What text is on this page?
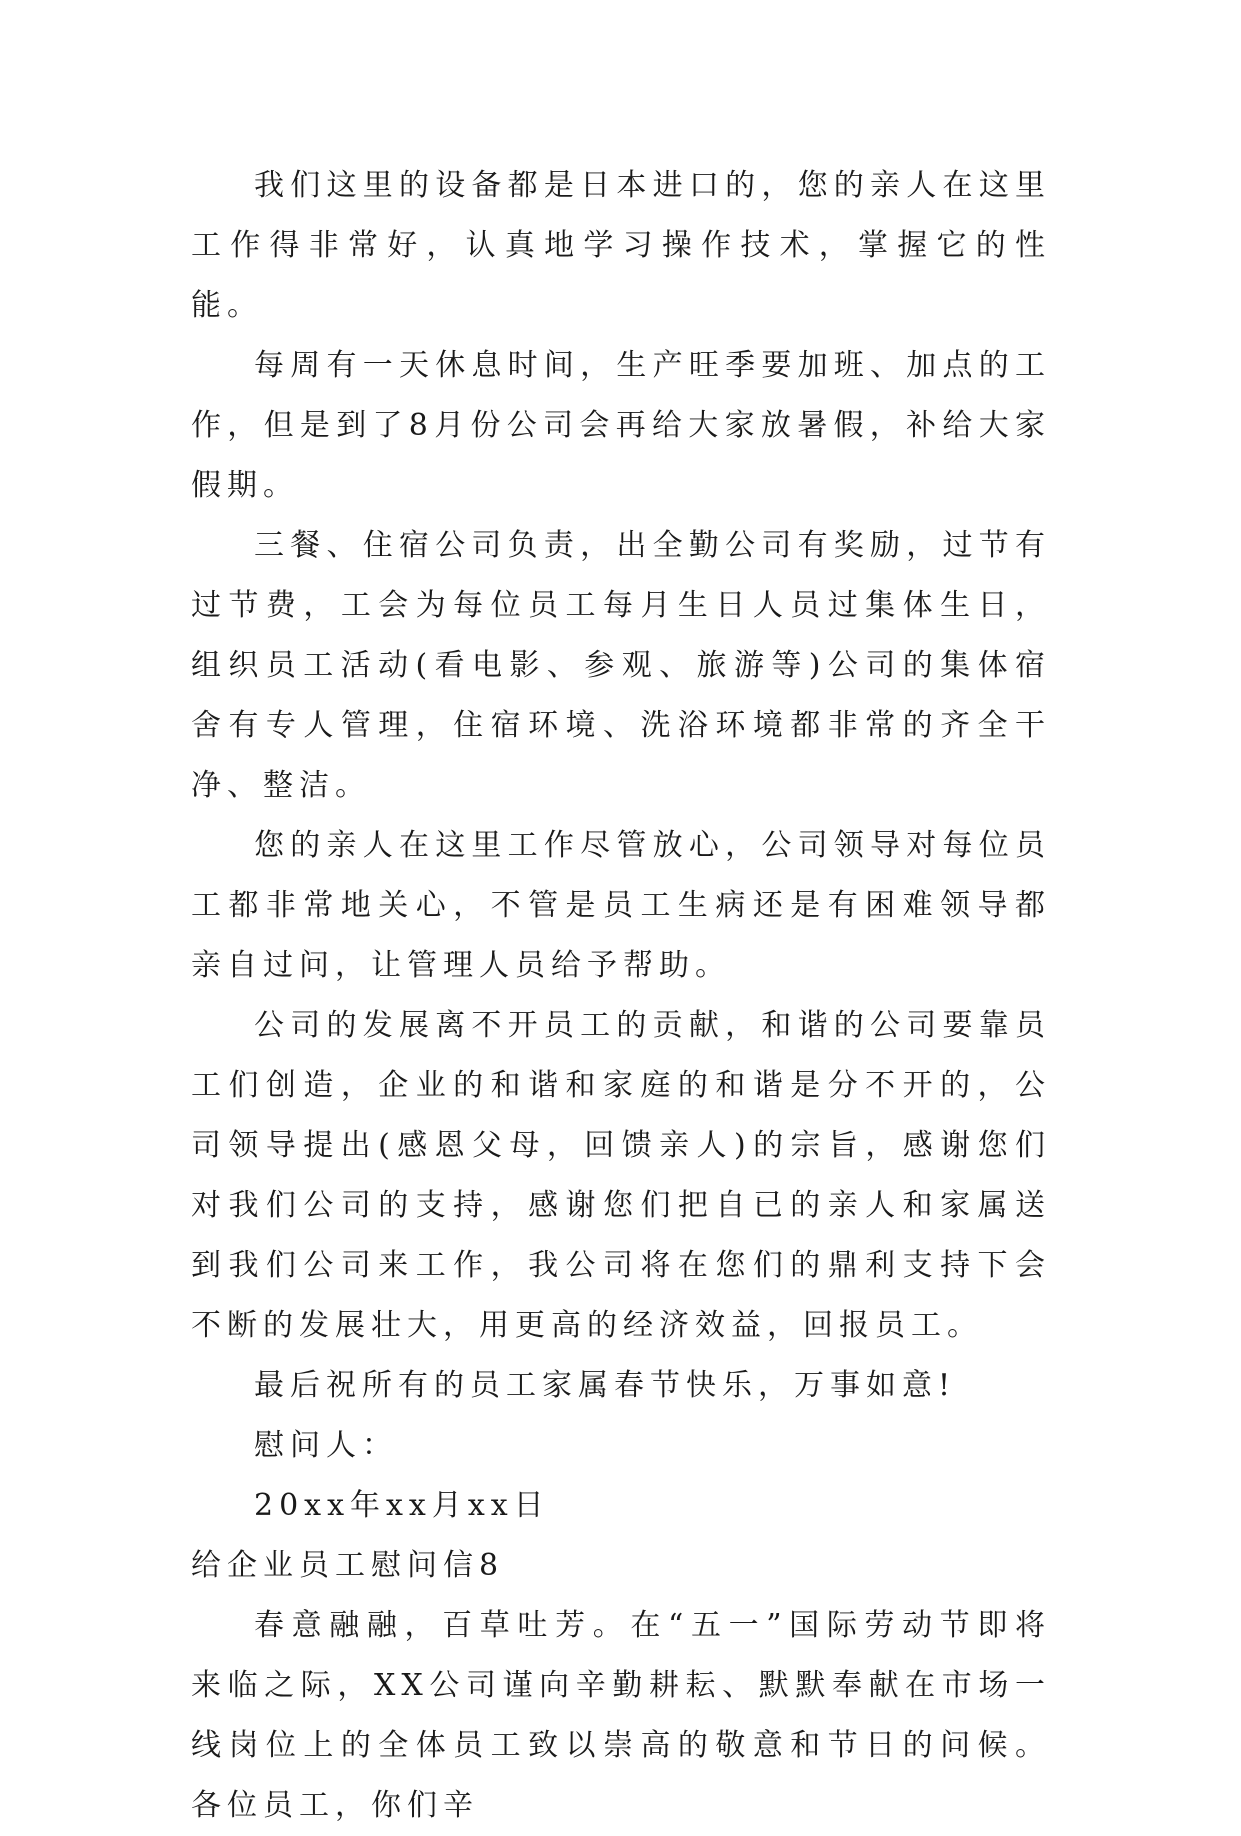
我们这里的设备都是日本进口的，您的亲人在这里工作得非常好，认真地学习操作技术，掌握它的性能。

每周有一天休息时间，生产旺季要加班、加点的工作，但是到了8月份公司会再给大家放暑假，补给大家假期。

三餐、住宿公司负责，出全勤公司有奖励，过节有过节费，工会为每位员工每月生日人员过集体生日，组织员工活动(看电影、参观、旅游等)公司的集体宿舍有专人管理，住宿环境、洗浴环境都非常的齐全干净、整洁。

您的亲人在这里工作尽管放心，公司领导对每位员工都非常地关心，不管是员工生病还是有困难领导都亲自过问，让管理人员给予帮助。

公司的发展离不开员工的贡献，和谐的公司要靠员工们创造，企业的和谐和家庭的和谐是分不开的，公司领导提出(感恩父母，回馈亲人)的宗旨，感谢您们对我们公司的支持，感谢您们把自已的亲人和家属送到我们公司来工作，我公司将在您们的鼎利支持下会不断的发展壮大，用更高的经济效益，回报员工。

最后祝所有的员工家属春节快乐，万事如意!

慰问人：

20xx年xx月xx日

给企业员工慰问信8

春意融融，百草吐芳。在“五一”国际劳动节即将来临之际，XX公司谨向辛勤耕耘、默默奉献在市场一线岗位上的全体员工致以崇高的敬意和节日的问候。各位员工，你们辛
